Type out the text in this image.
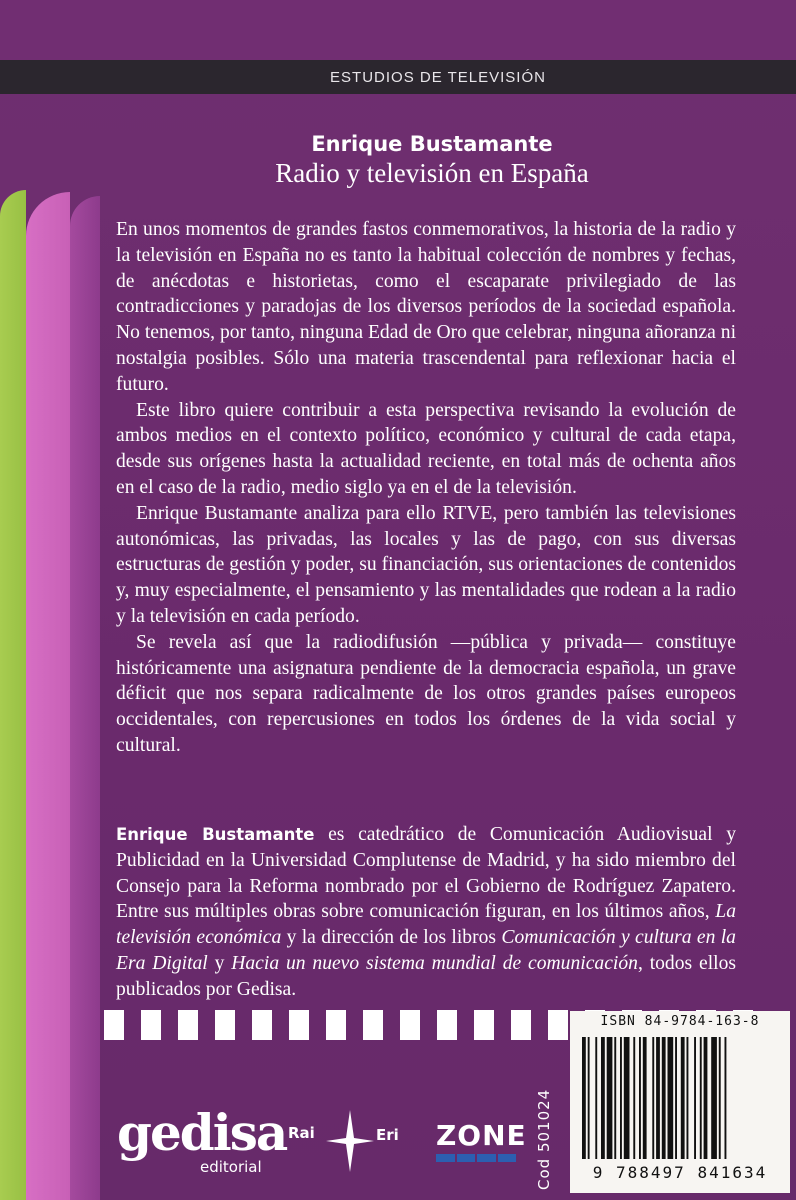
ESTUDIOS DE TELEVISIÓN
Enrique Bustamante
Radio y televisión en España

En unos momentos de grandes fastos conmemorativos, la historia de la radio y la televisión en España no es tanto la habitual colección de nombres y fechas, de anécdotas e historietas, como el escaparate privilegiado de las contradicciones y paradojas de los diversos períodos de la sociedad española. No tenemos, por tanto, ninguna Edad de Oro que celebrar, ninguna añoranza ni nostalgia posibles. Sólo una materia trascendental para reflexionar hacia el futuro.

Este libro quiere contribuir a esta perspectiva revisando la evolución de ambos medios en el contexto político, económico y cultural de cada etapa, desde sus orígenes hasta la actualidad reciente, en total más de ochenta años en el caso de la radio, medio siglo ya en el de la televisión.

Enrique Bustamante analiza para ello RTVE, pero también las televisiones autonómicas, las privadas, las locales y las de pago, con sus diversas estructuras de gestión y poder, su financiación, sus orientaciones de contenidos y, muy especialmente, el pensamiento y las mentalidades que rodean a la radio y la televisión en cada período.

Se revela así que la radiodifusión —pública y privada— constituye históricamente una asignatura pendiente de la democracia española, un grave déficit que nos separa radicalmente de los otros grandes países europeos occidentales, con repercusiones en todos los órdenes de la vida social y cultural.

Enrique Bustamante es catedrático de Comunicación Audiovisual y Publicidad en la Universidad Complutense de Madrid, y ha sido miembro del Consejo para la Reforma nombrado por el Gobierno de Rodríguez Zapatero. Entre sus múltiples obras sobre comunicación figuran, en los últimos años, La televisión económica y la dirección de los libros Comunicación y cultura en la Era Digital y Hacia un nuevo sistema mundial de comunicación, todos ellos publicados por Gedisa.

Cod 501024
ISBN 84-9784-163-8
9 788497 841634
gedisa
editorial
Rai	Eri ZONE
